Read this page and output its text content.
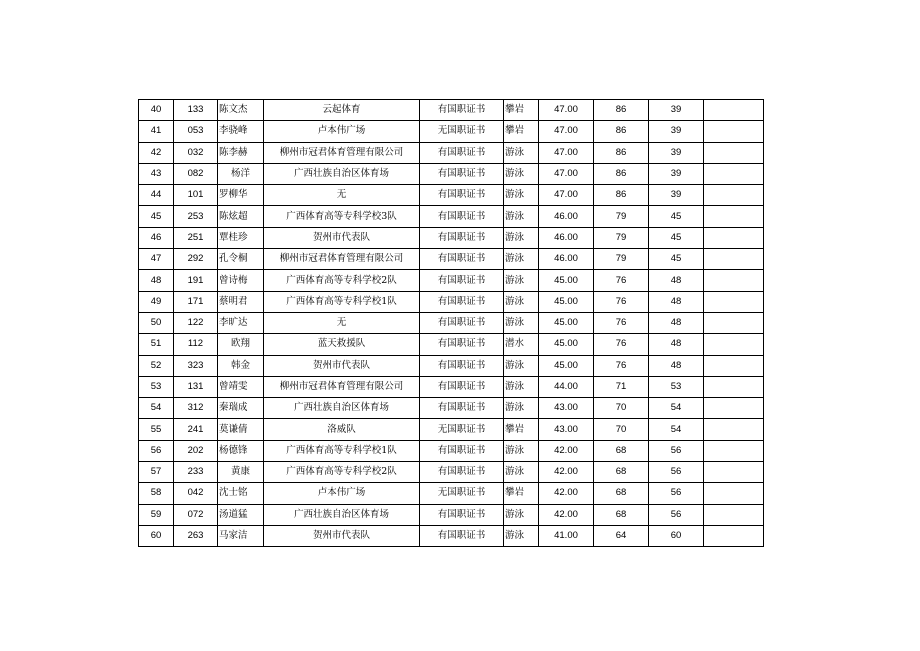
40	133	陈文杰	云起体育	有国职证书	攀岩	47.00	86	39	
41	053	李骁峰	卢本伟广场	无国职证书	攀岩	47.00	86	39	
42	032	陈李赫	柳州市冠君体育管理有限公司	有国职证书	游泳	47.00	86	39	
43	082	杨洋	广西壮族自治区体育场	有国职证书	游泳	47.00	86	39	
44	101	罗柳华	无	有国职证书	游泳	47.00	86	39	
45	253	陈炫超	广西体育高等专科学校3队	有国职证书	游泳	46.00	79	45	
46	251	覃桂珍	贺州市代表队	有国职证书	游泳	46.00	79	45	
47	292	孔令桐	柳州市冠君体育管理有限公司	有国职证书	游泳	46.00	79	45	
48	191	曾诗梅	广西体育高等专科学校2队	有国职证书	游泳	45.00	76	48	
49	171	蔡明君	广西体育高等专科学校1队	有国职证书	游泳	45.00	76	48	
50	122	李旷达	无	有国职证书	游泳	45.00	76	48	
51	112	欧翔	蓝天救援队	有国职证书	潜水	45.00	76	48	
52	323	韩金	贺州市代表队	有国职证书	游泳	45.00	76	48	
53	131	曾靖雯	柳州市冠君体育管理有限公司	有国职证书	游泳	44.00	71	53	
54	312	秦瑞成	广西壮族自治区体育场	有国职证书	游泳	43.00	70	54	
55	241	莫谦倩	洛威队	无国职证书	攀岩	43.00	70	54	
56	202	杨德锋	广西体育高等专科学校1队	有国职证书	游泳	42.00	68	56	
57	233	黄康	广西体育高等专科学校2队	有国职证书	游泳	42.00	68	56	
58	042	沈士铭	卢本伟广场	无国职证书	攀岩	42.00	68	56	
59	072	汤道猛	广西壮族自治区体育场	有国职证书	游泳	42.00	68	56	
60	263	马家洁	贺州市代表队	有国职证书	游泳	41.00	64	60	
